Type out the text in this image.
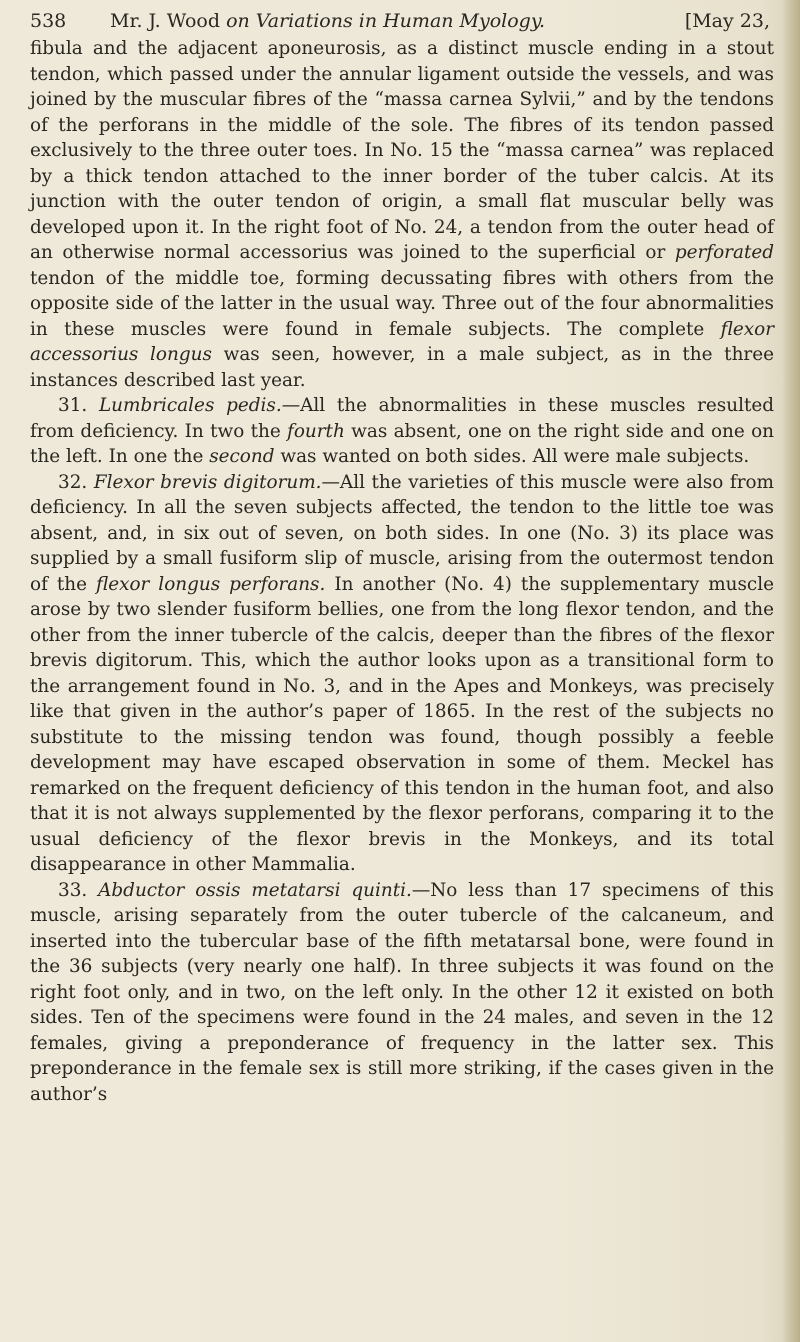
538 Mr. J. Wood on Variations in Human Myology.	[May 23,

fibula and the adjacent aponeurosis, as a distinct muscle ending in a stout tendon, which passed under the annular ligament outside the vessels, and was joined by the muscular fibres of the “massa carnea Sylvii,” and by the tendons of the perforans in the middle of the sole. The fibres of its tendon passed exclusively to the three outer toes. In No. 15 the “massa carnea” was replaced by a thick tendon attached to the inner border of the tuber calcis. At its junction with the outer tendon of origin, a small flat muscular belly was developed upon it. In the right foot of No. 24, a tendon from the outer head of an otherwise normal accessorius was joined to the superficial or perforated tendon of the middle toe, forming decussating fibres with others from the opposite side of the latter in the usual way. Three out of the four abnormalities in these muscles were found in female subjects. The complete flexor accessorius longus was seen, however, in a male subject, as in the three instances described last year.

31. Lumbricales pedis.—All the abnormalities in these muscles resulted from deficiency. In two the fourth was absent, one on the right side and one on the left. In one the second was wanted on both sides. All were male subjects.

32. Flexor brevis digitorum.—All the varieties of this muscle were also from deficiency. In all the seven subjects affected, the tendon to the little toe was absent, and, in six out of seven, on both sides. In one (No. 3) its place was supplied by a small fusiform slip of muscle, arising from the outermost tendon of the flexor longus perforans. In another (No. 4) the supplementary muscle arose by two slender fusiform bellies, one from the long flexor tendon, and the other from the inner tubercle of the calcis, deeper than the fibres of the flexor brevis digitorum. This, which the author looks upon as a transitional form to the arrangement found in No. 3, and in the Apes and Monkeys, was precisely like that given in the author’s paper of 1865. In the rest of the subjects no substitute to the missing tendon was found, though possibly a feeble development may have escaped observation in some of them. Meckel has remarked on the frequent deficiency of this tendon in the human foot, and also that it is not always supplemented by the flexor perforans, comparing it to the usual deficiency of the flexor brevis in the Monkeys, and its total disappearance in other Mammalia.

33. Abductor ossis metatarsi quinti.—No less than 17 specimens of this muscle, arising separately from the outer tubercle of the calcaneum, and inserted into the tubercular base of the fifth metatarsal bone, were found in the 36 subjects (very nearly one half). In three subjects it was found on the right foot only, and in two, on the left only. In the other 12 it existed on both sides. Ten of the specimens were found in the 24 males, and seven in the 12 females, giving a preponderance of frequency in the latter sex. This preponderance in the female sex is still more striking, if the cases given in the author’s
